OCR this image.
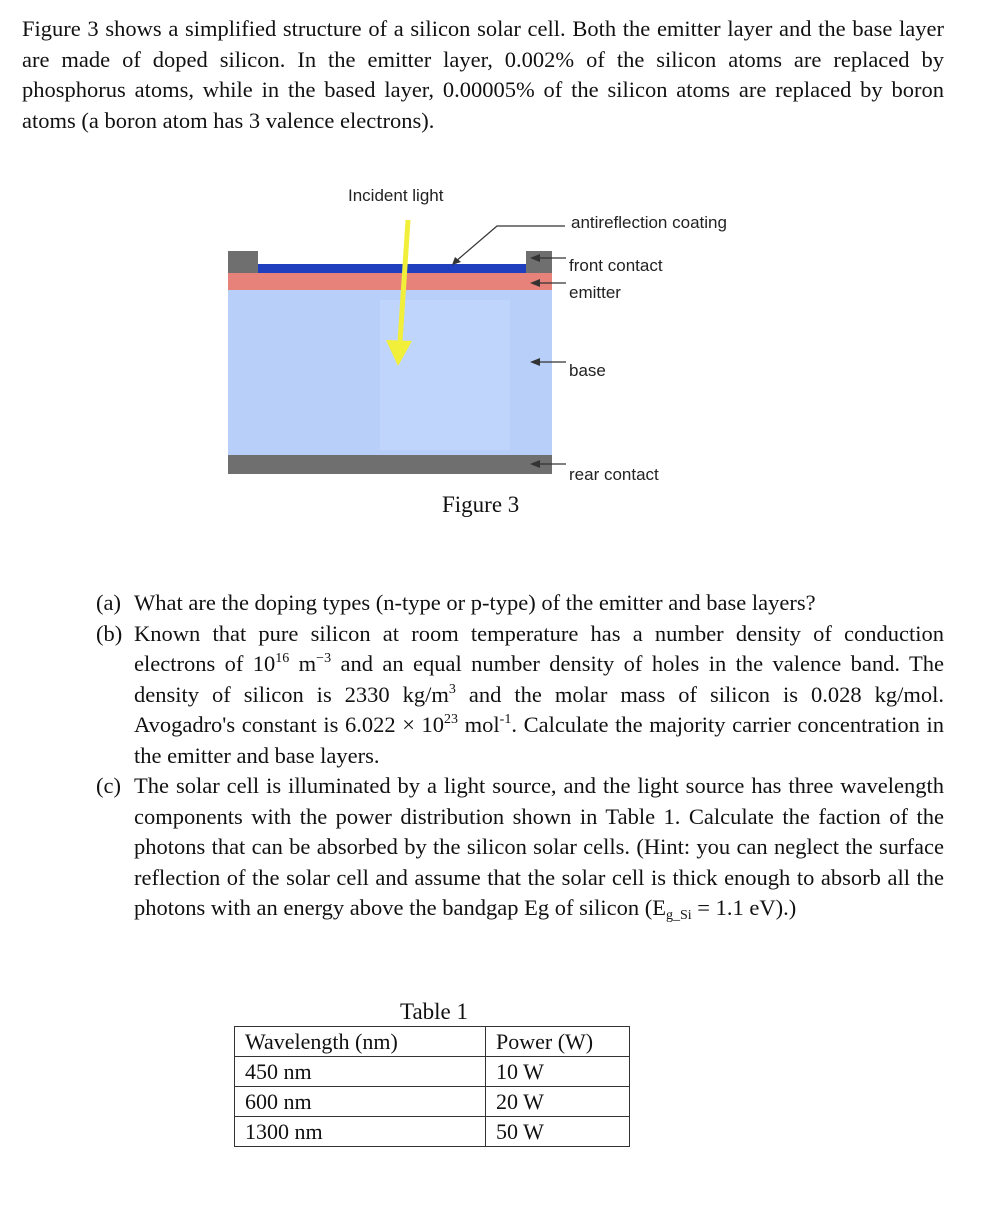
Figure 3 shows a simplified structure of a silicon solar cell. Both the emitter layer and the base layer are made of doped silicon. In the emitter layer, 0.002% of the silicon atoms are replaced by phosphorus atoms, while in the based layer, 0.00005% of the silicon atoms are replaced by boron atoms (a boron atom has 3 valence electrons).
Incident light
antireflection coating
front contact
emitter
base
rear contact
Figure 3
(a) What are the doping types (n-type or p-type) of the emitter and base layers?
(b) Known that pure silicon at room temperature has a number density of conduction electrons of $10^{16}$ $m^{-3}$ and an equal number density of holes in the valence band. The density of silicon is 2330 $kg/m^3$ and the molar mass of silicon is 0.028 kg/mol. Avogadro's constant is $6.022 \times 10^{23}$ mol$^{-1}$. Calculate the majority carrier concentration in the emitter and base layers.
(c) The solar cell is illuminated by a light source, and the light source has three wavelength components with the power distribution shown in Table 1. Calculate the faction of the photons that can be absorbed by the silicon solar cells. (Hint: you can neglect the surface reflection of the solar cell and assume that the solar cell is thick enough to absorb all the photons with an energy above the bandgap Eg of silicon ($E_{g\_Si} = 1.1$ eV).)
Table 1
Wavelength (nm)	Power (W)
450 nm	10 W
600 nm	20 W
1300 nm	50 W
